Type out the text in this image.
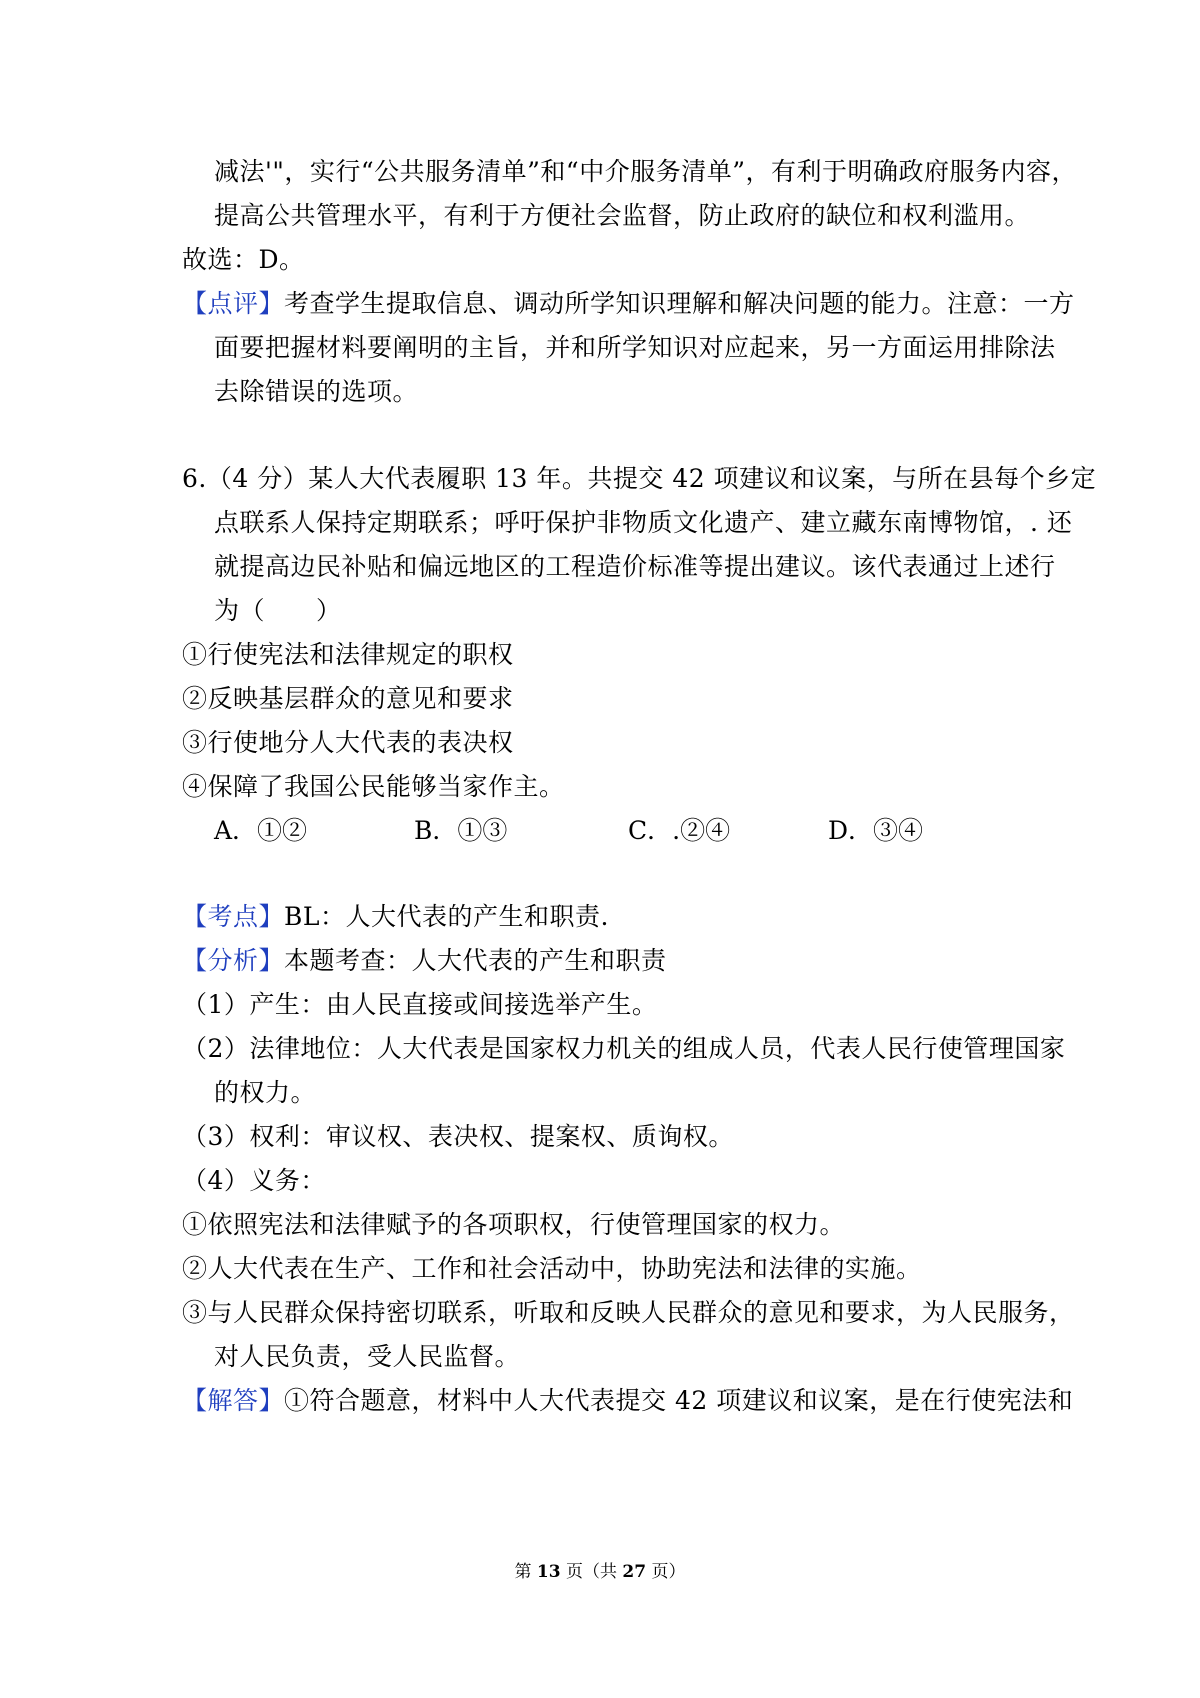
减法'"，实行“公共服务清单”和“中介服务清单”，有利于明确政府服务内容，
提高公共管理水平，有利于方便社会监督，防止政府的缺位和权利滥用。
故选：D。
【点评】考查学生提取信息、调动所学知识理解和解决问题的能力。注意：一方
面要把握材料要阐明的主旨，并和所学知识对应起来，另一方面运用排除法
去除错误的选项。
6.（4 分）某人大代表履职 13 年。共提交 42 项建议和议案，与所在县每个乡定
点联系人保持定期联系；呼吁保护非物质文化遗产、建立藏东南博物馆，. 还
就提高边民补贴和偏远地区的工程造价标准等提出建议。该代表通过上述行
为（　　）
①行使宪法和法律规定的职权
②反映基层群众的意见和要求
③行使地分人大代表的表决权
④保障了我国公民能够当家作主。
A．①②	B．①③	C．.②④	D．③④
【考点】BL：人大代表的产生和职责.
【分析】本题考查：人大代表的产生和职责
（1）产生：由人民直接或间接选举产生。
（2）法律地位：人大代表是国家权力机关的组成人员，代表人民行使管理国家
的权力。
（3）权利：审议权、表决权、提案权、质询权。
（4）义务：
①依照宪法和法律赋予的各项职权，行使管理国家的权力。
②人大代表在生产、工作和社会活动中，协助宪法和法律的实施。
③与人民群众保持密切联系，听取和反映人民群众的意见和要求，为人民服务，
对人民负责，受人民监督。
【解答】①符合题意，材料中人大代表提交 42 项建议和议案，是在行使宪法和
第 13 页（共 27 页）
